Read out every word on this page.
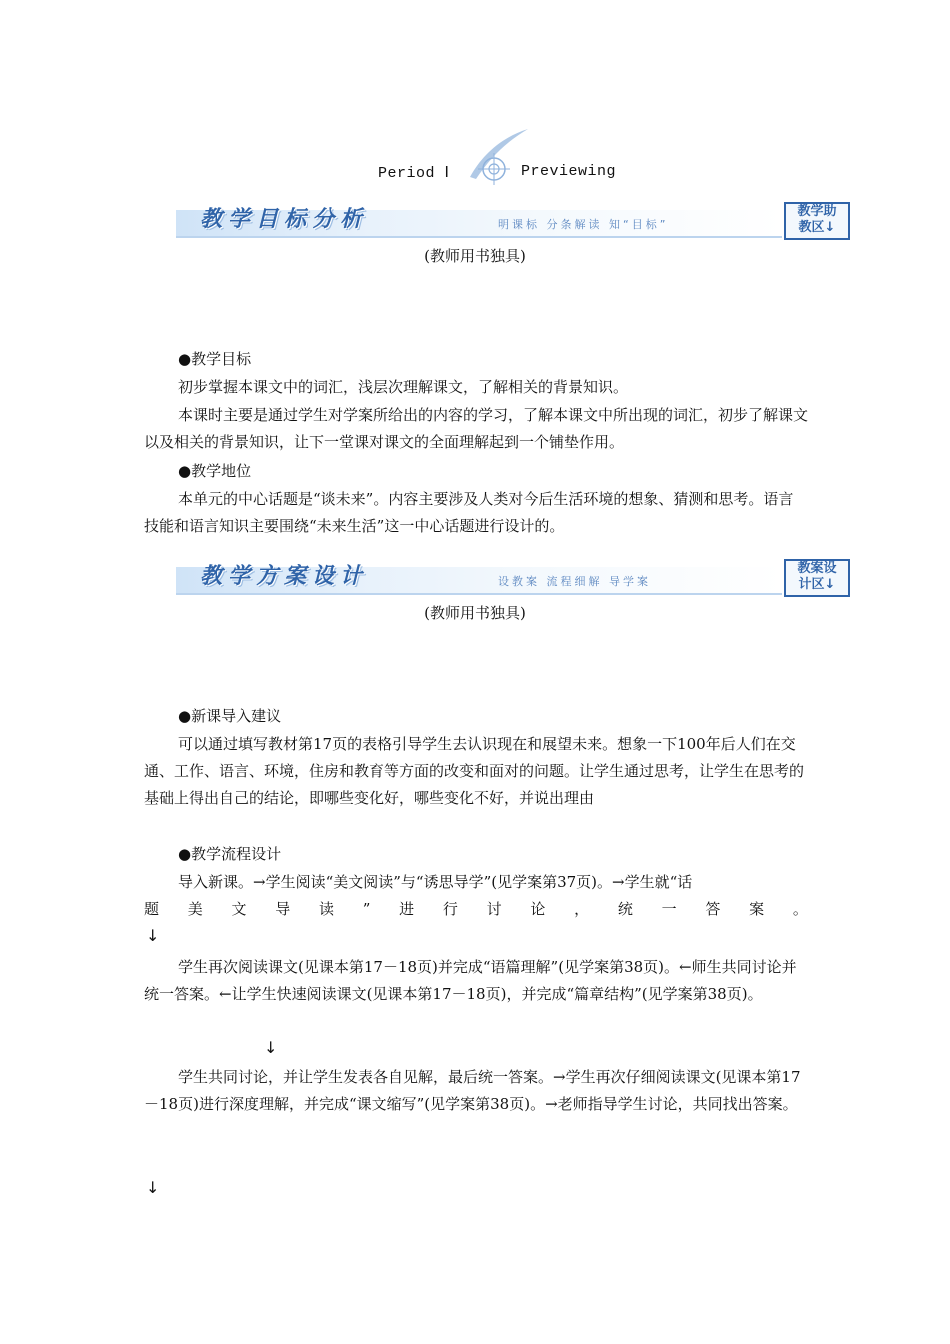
Period Ⅰ	Previewing
教学目标分析	明课标 分条解读 知“目标”
教学助
教区↓
(教师用书独具)
●教学目标
初步掌握本课文中的词汇，浅层次理解课文，了解相关的背景知识。
本课时主要是通过学生对学案所给出的内容的学习，了解本课文中所出现的词汇，初步了解课文以及相关的背景知识，让下一堂课对课文的全面理解起到一个铺垫作用。
●教学地位
本单元的中心话题是“谈未来”。内容主要涉及人类对今后生活环境的想象、猜测和思考。语言技能和语言知识主要围绕“未来生活”这一中心话题进行设计的。
教学方案设计	设教案 流程细解 导学案
教案设
计区↓
(教师用书独具)
●新课导入建议
可以通过填写教材第17页的表格引导学生去认识现在和展望未来。想象一下100年后人们在交通、工作、语言、环境，住房和教育等方面的改变和面对的问题。让学生通过思考，让学生在思考的基础上得出自己的结论，即哪些变化好，哪些变化不好，并说出理由
●教学流程设计
导入新课。→学生阅读“美文阅读”与“诱思导学”(见学案第37页)。→学生就“话
题 美 文 导 读 ” 进 行 讨 论 ， 统 一 答 案 。
↓
学生再次阅读课文(见课本第17－18页)并完成“语篇理解”(见学案第38页)。←师生共同讨论并统一答案。←让学生快速阅读课文(见课本第17－18页)，并完成“篇章结构”(见学案第38页)。
↓
学生共同讨论，并让学生发表各自见解，最后统一答案。→学生再次仔细阅读课文(见课本第17－18页)进行深度理解，并完成“课文缩写”(见学案第38页)。→老师指导学生讨论，共同找出答案。
↓
